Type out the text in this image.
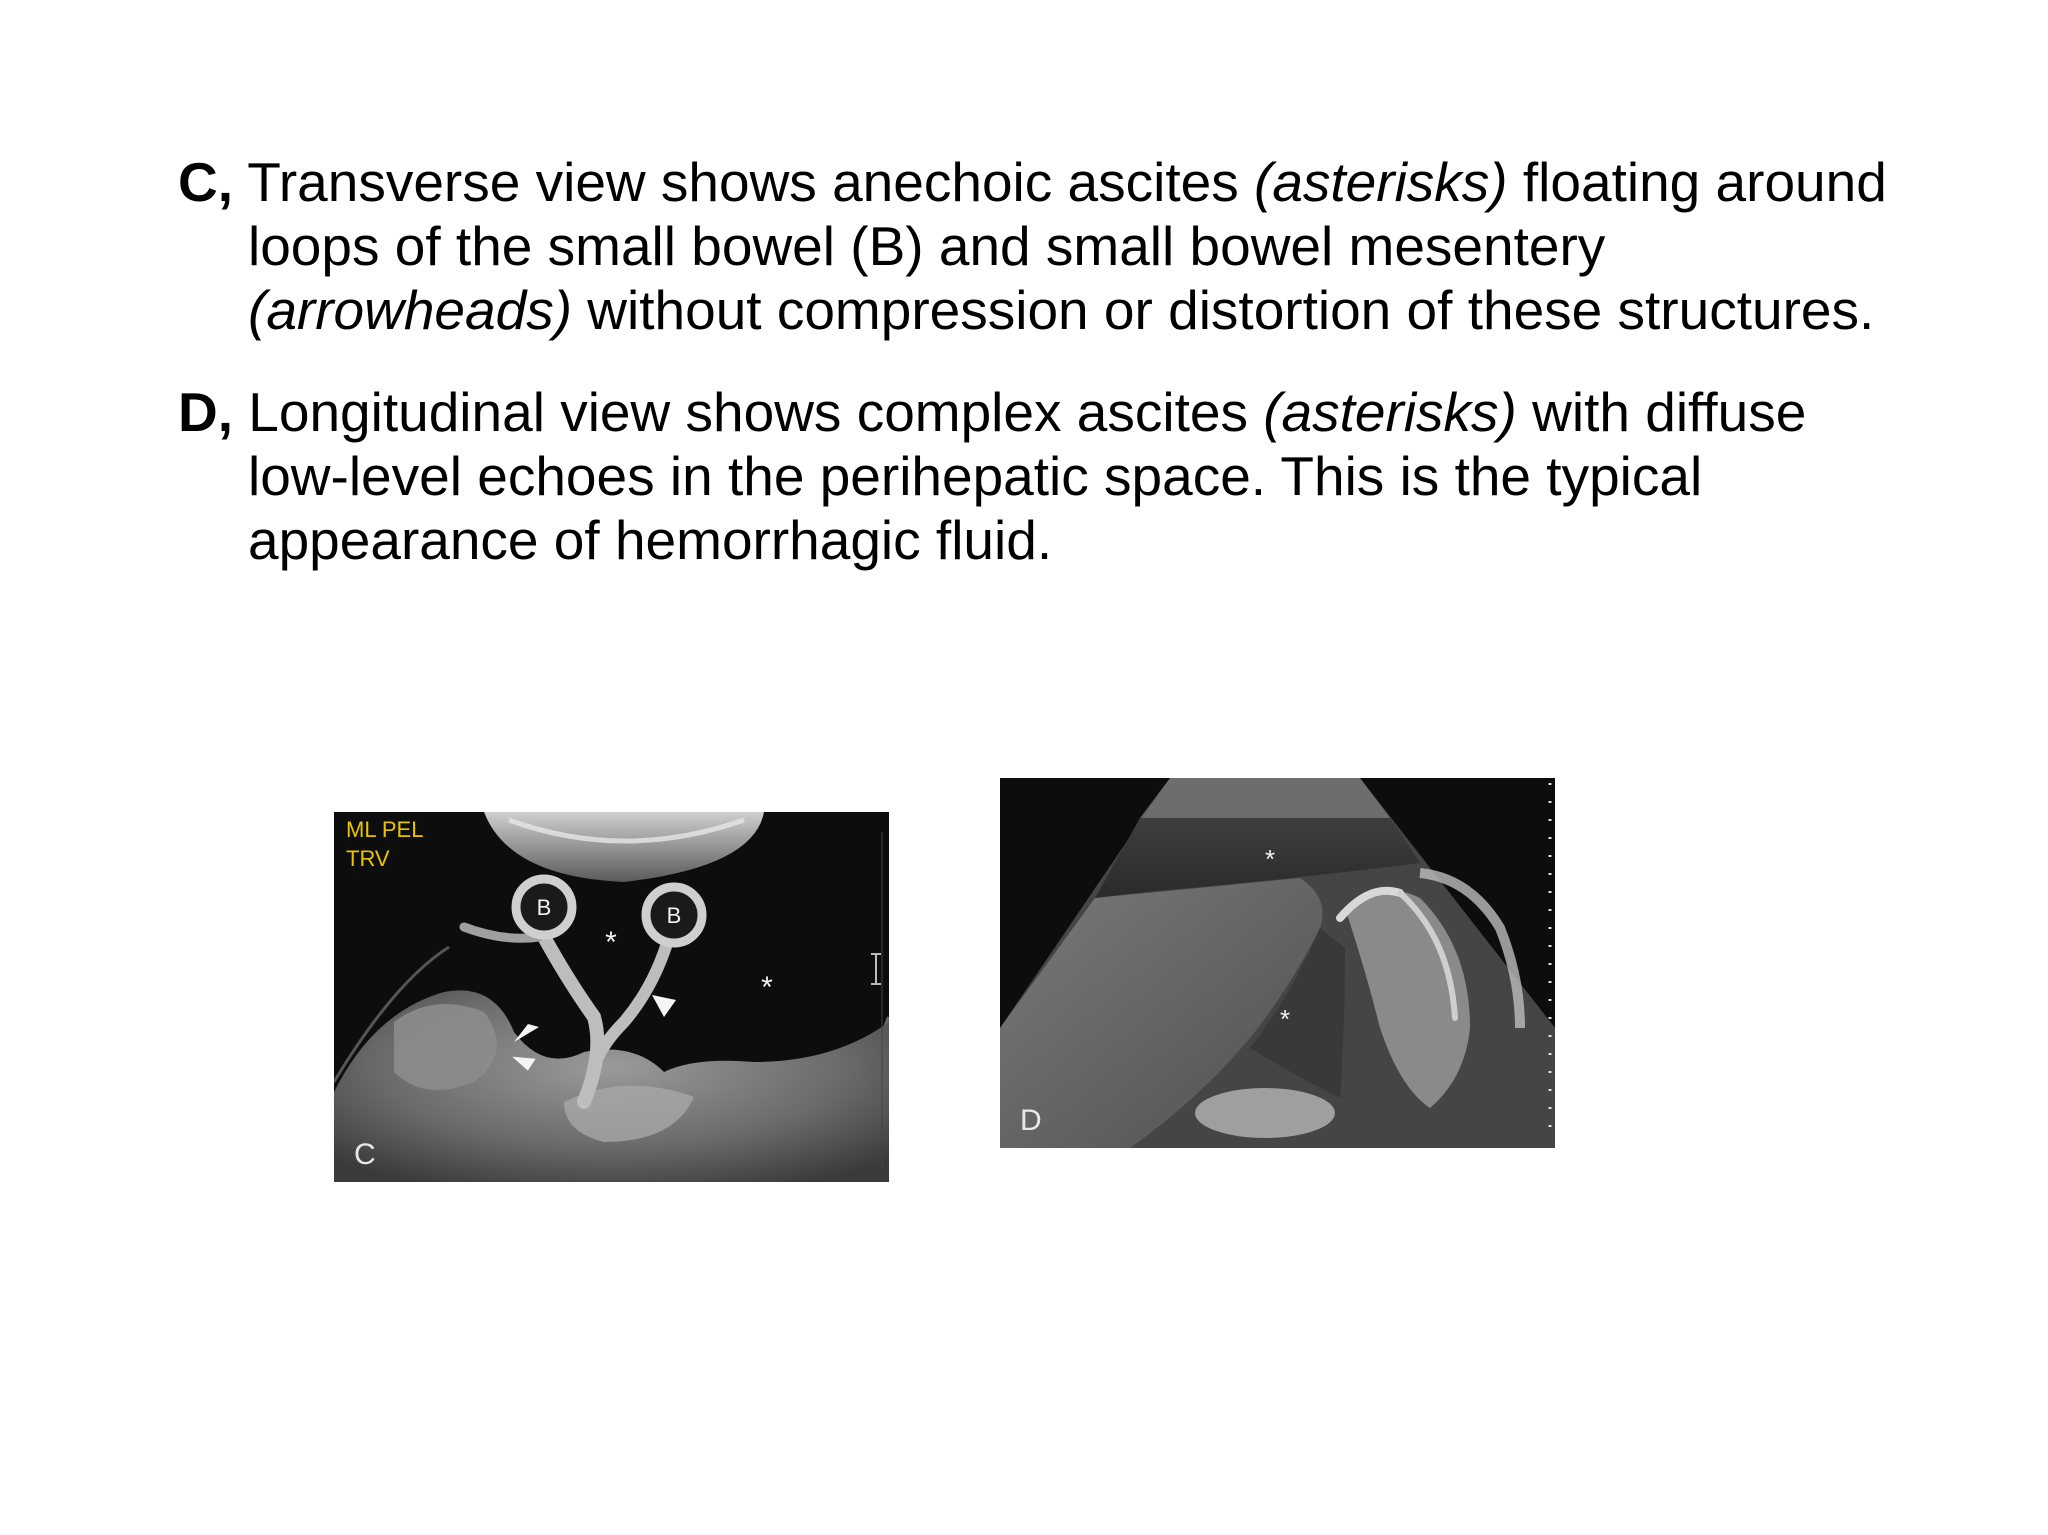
C, Transverse view shows anechoic ascites (asterisks) floating around loops of the small bowel (B) and small bowel mesentery (arrowheads) without compression or distortion of these structures.

D, Longitudinal view shows complex ascites (asterisks) with diffuse low-level echoes in the perihepatic space. This is the typical appearance of hemorrhagic fluid.

B	B
*
*
ML PEL
TRV
C
*
*
D
